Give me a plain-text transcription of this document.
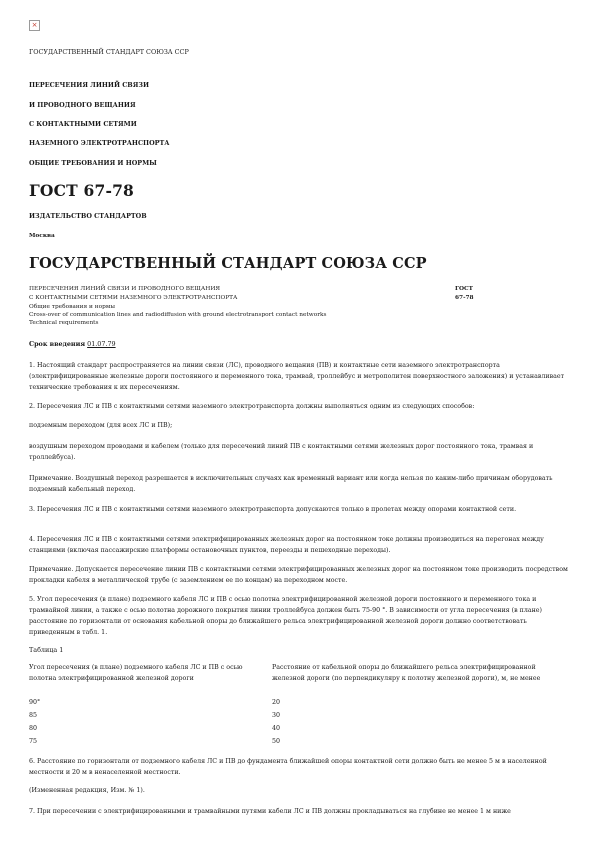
×
ГОСУДАРСТВЕННЫЙ СТАНДАРТ СОЮЗА ССР
ПЕРЕСЕЧЕНИЯ ЛИНИЙ СВЯЗИ
И ПРОВОДНОГО ВЕЩАНИЯ
С КОНТАКТНЫМИ СЕТЯМИ
НАЗЕМНОГО ЭЛЕКТРОТРАНСПОРТА
ОБЩИЕ ТРЕБОВАНИЯ И НОРМЫ
ГОСТ 67-78
ИЗДАТЕЛЬСТВО СТАНДАРТОВ
Москва
ГОСУДАРСТВЕННЫЙ СТАНДАРТ СОЮЗА ССР
ПЕРЕСЕЧЕНИЯ ЛИНИЙ СВЯЗИ И ПРОВОДНОГО ВЕЩАНИЯ
С КОНТАКТНЫМИ СЕТЯМИ НАЗЕМНОГО ЭЛЕКТРОТРАНСПОРТА
Общие требования и нормы
Cross-over of communication lines and radiodiffusion with ground electrotransport contact networks
Technical requirements
ГОСТ
67-78
Срок введения 01.07.79
1. Настоящий стандарт распространяется на линии связи (ЛС), проводного вещания (ПВ) и контактные сети наземного электротранспорта (электрифицированные железные дороги постоянного и переменного тока, трамвай, троллейбус и метрополитен поверхностного заложения) и устанавливает технические требования к их пересечениям.
2. Пересечения ЛС и ПВ с контактными сетями наземного электротранспорта должны выполняться одним из следующих способов:
подземным переходом (для всех ЛС и ПВ);
воздушным переходом проводами и кабелем (только для пересечений линий ПВ с контактными сетями железных дорог постоянного тока, трамвая и троллейбуса).
Примечание. Воздушный переход разрешается в исключительных случаях как временный вариант или когда нельзя по каким-либо причинам оборудовать подземный кабельный переход.
3. Пересечения ЛС и ПВ с контактными сетями наземного электротранспорта допускаются только в пролетах между опорами контактной сети.
4. Пересечения ЛС и ПВ с контактными сетями электрифицированных железных дорог на постоянном токе должны производиться на перегонах между станциями (включая пассажирские платформы остановочных пунктов, переезды и пешеходные переходы).
Примечание. Допускается пересечение линии ПВ с контактными сетями электрифицированных железных дорог на постоянном токе производить посредством прокладки кабеля в металлической трубе (с заземлением ее по концам) на переходном мосте.
5. Угол пересечения (в плане) подземного кабеля ЛС и ПВ с осью полотна электрифицированной железной дороги постоянного и переменного тока и трамвайной линии, а также с осью полотна дорожного покрытия линии троллейбуса должен быть 75-90 °. В зависимости от угла пересечения (в плане) расстояние по горизонтали от основания кабельной опоры до ближайшего рельса электрифицированной железной дороги должно соответствовать приведенным в табл. 1.
Таблица 1
Угол пересечения (в плане) подземного кабеля ЛС и ПВ с осью полотна электрифицированной железной дороги
Расстояние от кабельной опоры до ближайшего рельса электрифицированной железной дороги (по перпендикуляру к полотну железной дороги), м, не менее
90°	20
85	30
80	40
75	50
6. Расстояние по горизонтали от подземного кабеля ЛС и ПВ до фундамента ближайшей опоры контактной сети должно быть не менее 5 м в населенной местности и 20 м в ненаселенной местности.
(Измененная редакция, Изм. № 1).
7. При пересечении с электрифицированными и трамвайными путями кабели ЛС и ПВ должны прокладываться на глубине не менее 1 м ниже
